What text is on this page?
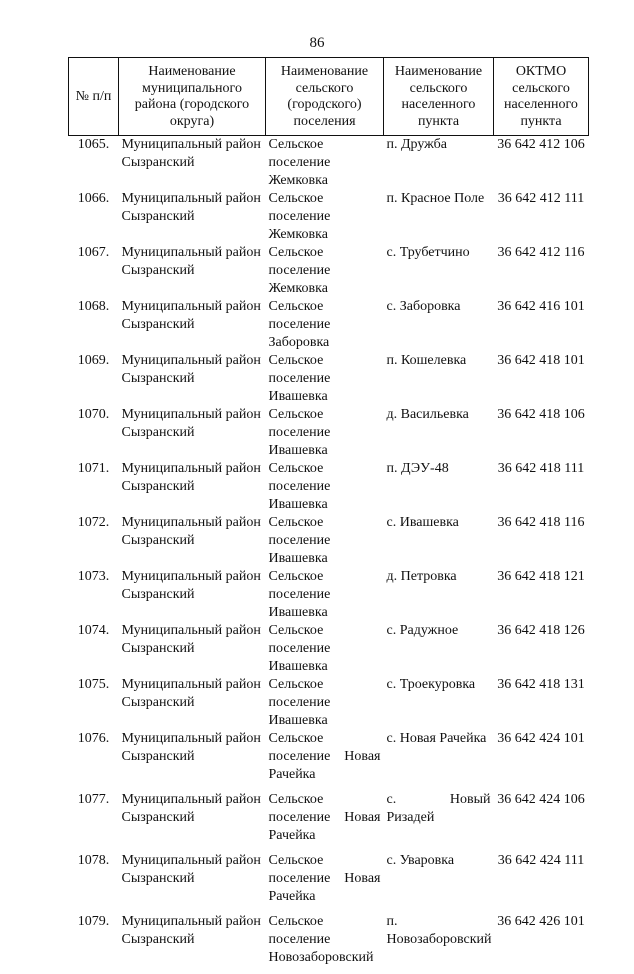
86
№ п/п	Наименование муниципального района (городского округа)	Наименование сельского (городского) поселения	Наименование сельского населенного пункта	ОКТМО сельского населенного пункта
1065.	Муниципальный район Сызранский	Сельское поселение Жемковка	п. Дружба	36 642 412 106
1066.	Муниципальный район Сызранский	Сельское поселение Жемковка	п. Красное Поле	36 642 412 111
1067.	Муниципальный район Сызранский	Сельское поселение Жемковка	с. Трубетчино	36 642 412 116
1068.	Муниципальный район Сызранский	Сельское поселение Заборовка	с. Заборовка	36 642 416 101
1069.	Муниципальный район Сызранский	Сельское поселение Ивашевка	п. Кошелевка	36 642 418 101
1070.	Муниципальный район Сызранский	Сельское поселение Ивашевка	д. Васильевка	36 642 418 106
1071.	Муниципальный район Сызранский	Сельское поселение Ивашевка	п. ДЭУ-48	36 642 418 111
1072.	Муниципальный район Сызранский	Сельское поселение Ивашевка	с. Ивашевка	36 642 418 116
1073.	Муниципальный район Сызранский	Сельское поселение Ивашевка	д. Петровка	36 642 418 121
1074.	Муниципальный район Сызранский	Сельское поселение Ивашевка	с. Радужное	36 642 418 126
1075.	Муниципальный район Сызранский	Сельское поселение Ивашевка	с. Троекуровка	36 642 418 131
1076.	Муниципальный район Сызранский	Сельское поселение Новая Рачейка	с. Новая Рачейка	36 642 424 101
1077.	Муниципальный район Сызранский	Сельское поселение Новая Рачейка	с. Новый Ризадей	36 642 424 106
1078.	Муниципальный район Сызранский	Сельское поселение Новая Рачейка	с. Уваровка	36 642 424 111
1079.	Муниципальный район Сызранский	Сельское поселение Новозаборовский	п. Новозаборовский	36 642 426 101
